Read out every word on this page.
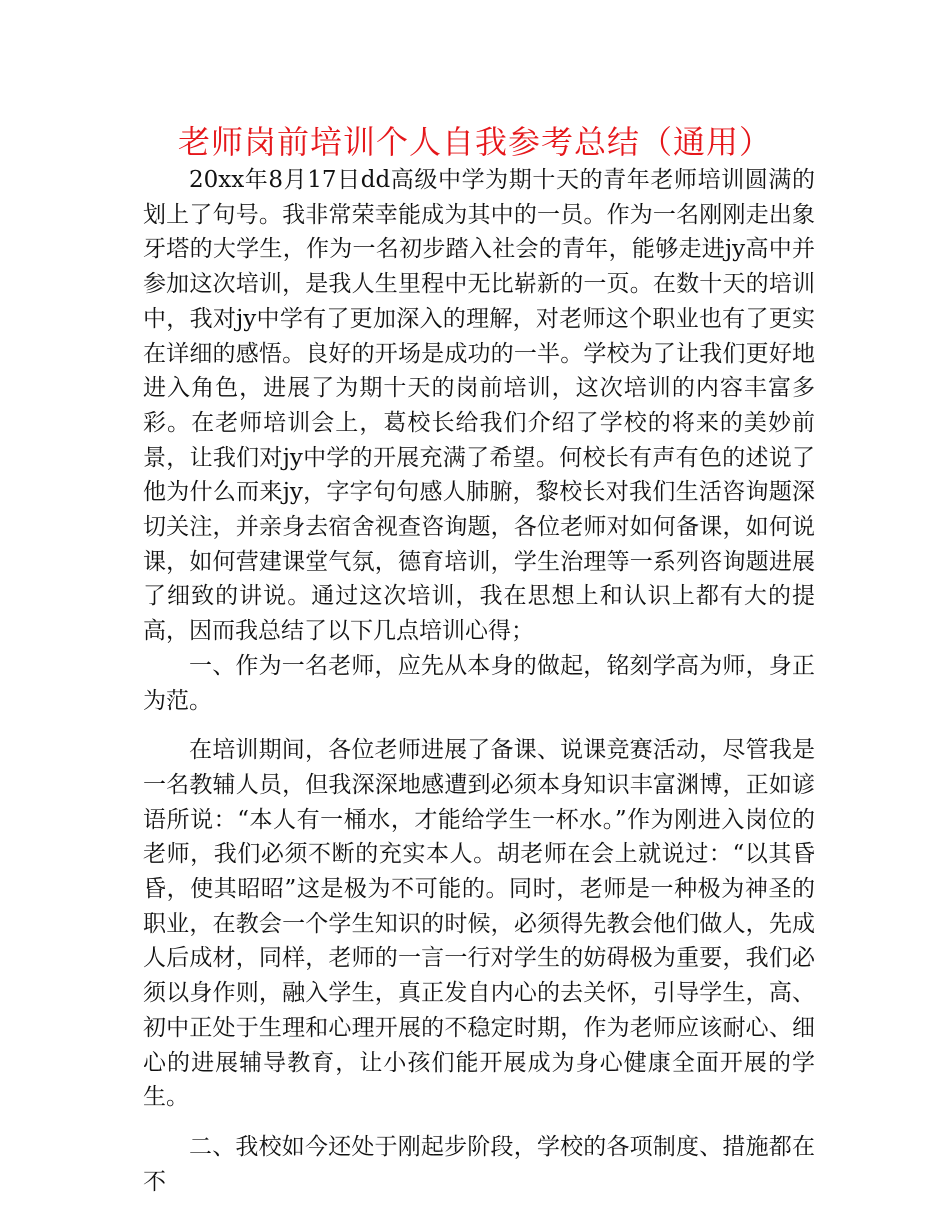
老师岗前培训个人自我参考总结（通用）

20xx年8月17日dd高级中学为期十天的青年老师培训圆满的划上了句号。我非常荣幸能成为其中的一员。作为一名刚刚走出象牙塔的大学生，作为一名初步踏入社会的青年，能够走进jy高中并参加这次培训，是我人生里程中无比崭新的一页。在数十天的培训中，我对jy中学有了更加深入的理解，对老师这个职业也有了更实在详细的感悟。良好的开场是成功的一半。学校为了让我们更好地进入角色，进展了为期十天的岗前培训，这次培训的内容丰富多彩。在老师培训会上，葛校长给我们介绍了学校的将来的美妙前景，让我们对jy中学的开展充满了希望。何校长有声有色的述说了他为什么而来jy，字字句句感人肺腑，黎校长对我们生活咨询题深切关注，并亲身去宿舍视查咨询题，各位老师对如何备课，如何说课，如何营建课堂气氛，德育培训，学生治理等一系列咨询题进展了细致的讲说。通过这次培训，我在思想上和认识上都有大的提高，因而我总结了以下几点培训心得；

一、作为一名老师，应先从本身的做起，铭刻学高为师，身正为范。

在培训期间，各位老师进展了备课、说课竞赛活动，尽管我是一名教辅人员，但我深深地感遭到必须本身知识丰富渊博，正如谚语所说：“本人有一桶水，才能给学生一杯水。”作为刚进入岗位的老师，我们必须不断的充实本人。胡老师在会上就说过：“以其昏昏，使其昭昭”这是极为不可能的。同时，老师是一种极为神圣的职业，在教会一个学生知识的时候，必须得先教会他们做人，先成人后成材，同样，老师的一言一行对学生的妨碍极为重要，我们必须以身作则，融入学生，真正发自内心的去关怀，引导学生，高、初中正处于生理和心理开展的不稳定时期，作为老师应该耐心、细心的进展辅导教育，让小孩们能开展成为身心健康全面开展的学生。

二、我校如今还处于刚起步阶段，学校的各项制度、措施都在不
